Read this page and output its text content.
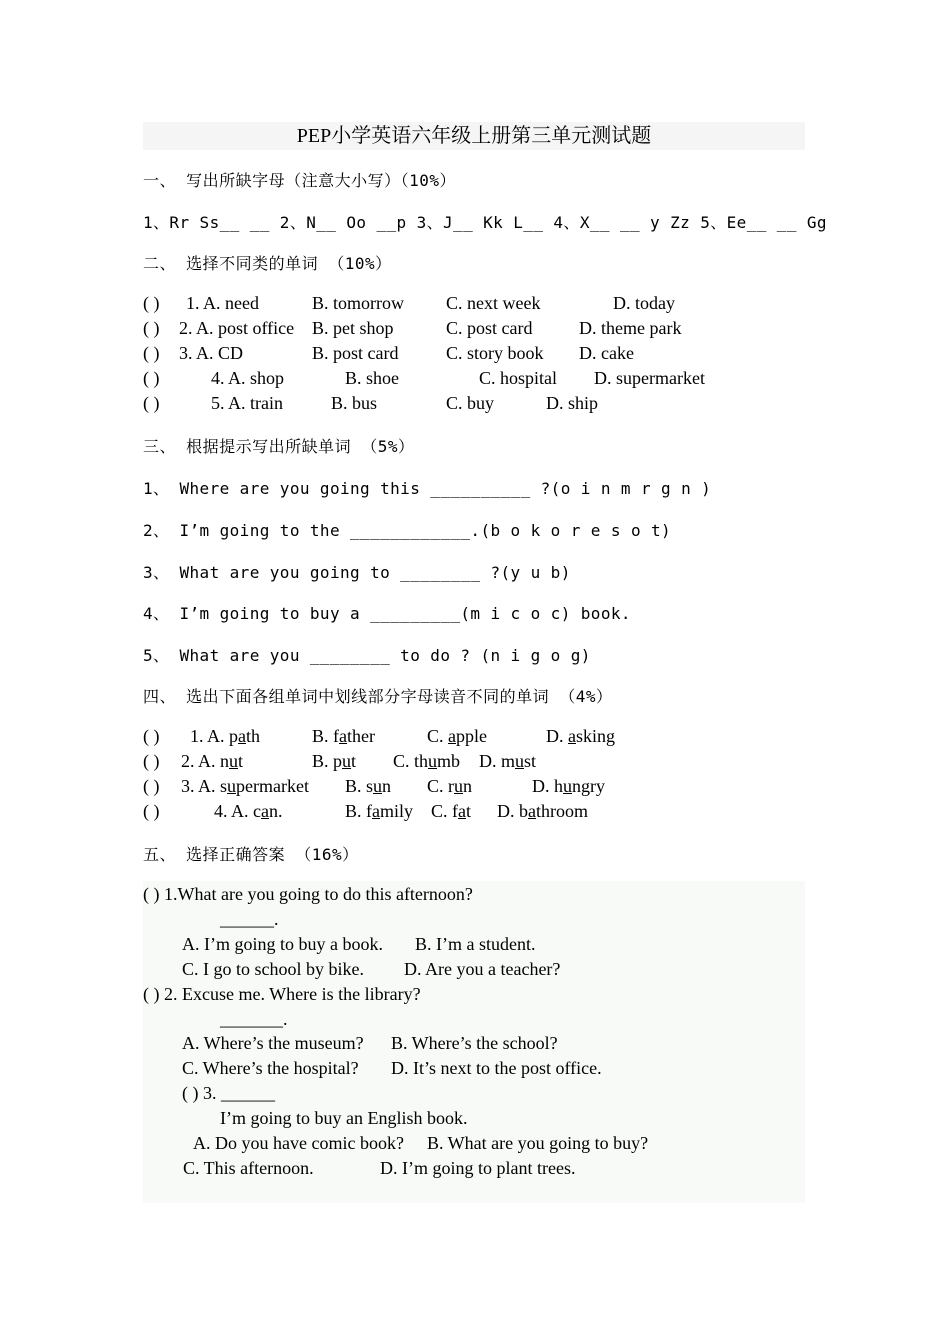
PEP小学英语六年级上册第三单元测试题
一、 写出所缺字母（注意大小写）（10%）
1、Rr Ss__ __ 2、N__ Oo __p 3、J__ Kk L__ 4、X__ __ y Zz 5、Ee__ __ Gg
二、 选择不同类的单词 （10%）
( ) 1. A. need	B. tomorrow C. next week	D. today
( ) 2. A. post office B. pet shop	C. post card	D. theme park
( ) 3. A. CD	B. post card	C. story book D. cake
( )	4. A. shop	B. shoe	C. hospital D. supermarket
( )	5. A. train	B. bus	C. buy	D. ship
三、 根据提示写出所缺单词 （5%）
1、 Where are you going this __________ ?(o i n m r g n )
2、 I’m going to the ____________.(b o k o r e s o t)
3、 What are you going to ________ ?(y u b)
4、 I’m going to buy a _________(m i c o c) book.
5、 What are you ________ to do ? (n i g o g)
四、 选出下面各组单词中划线部分字母读音不同的单词 （4%）
( ) 1. A. path	B. father	C. apple	D. asking
( ) 2. A. nut	B. put C. thumb D. must
( ) 3. A. supermarket B. sun C. run	D. hungry
( )	4. A. can.	B. family C. fat D. bathroom
五、 选择正确答案 （16%）
( ) 1.What are you going to do this afternoon?
______.
A. I’m going to buy a book. B. I’m a student.
C. I go to school by bike. D. Are you a teacher?
( ) 2. Excuse me. Where is the library?
_______.
A. Where’s the museum? B. Where’s the school?
C. Where’s the hospital? D. It’s next to the post office.
( ) 3. ______
I’m going to buy an English book.
A. Do you have comic book? B. What are you going to buy?
C. This afternoon.	D. I’m going to plant trees.
